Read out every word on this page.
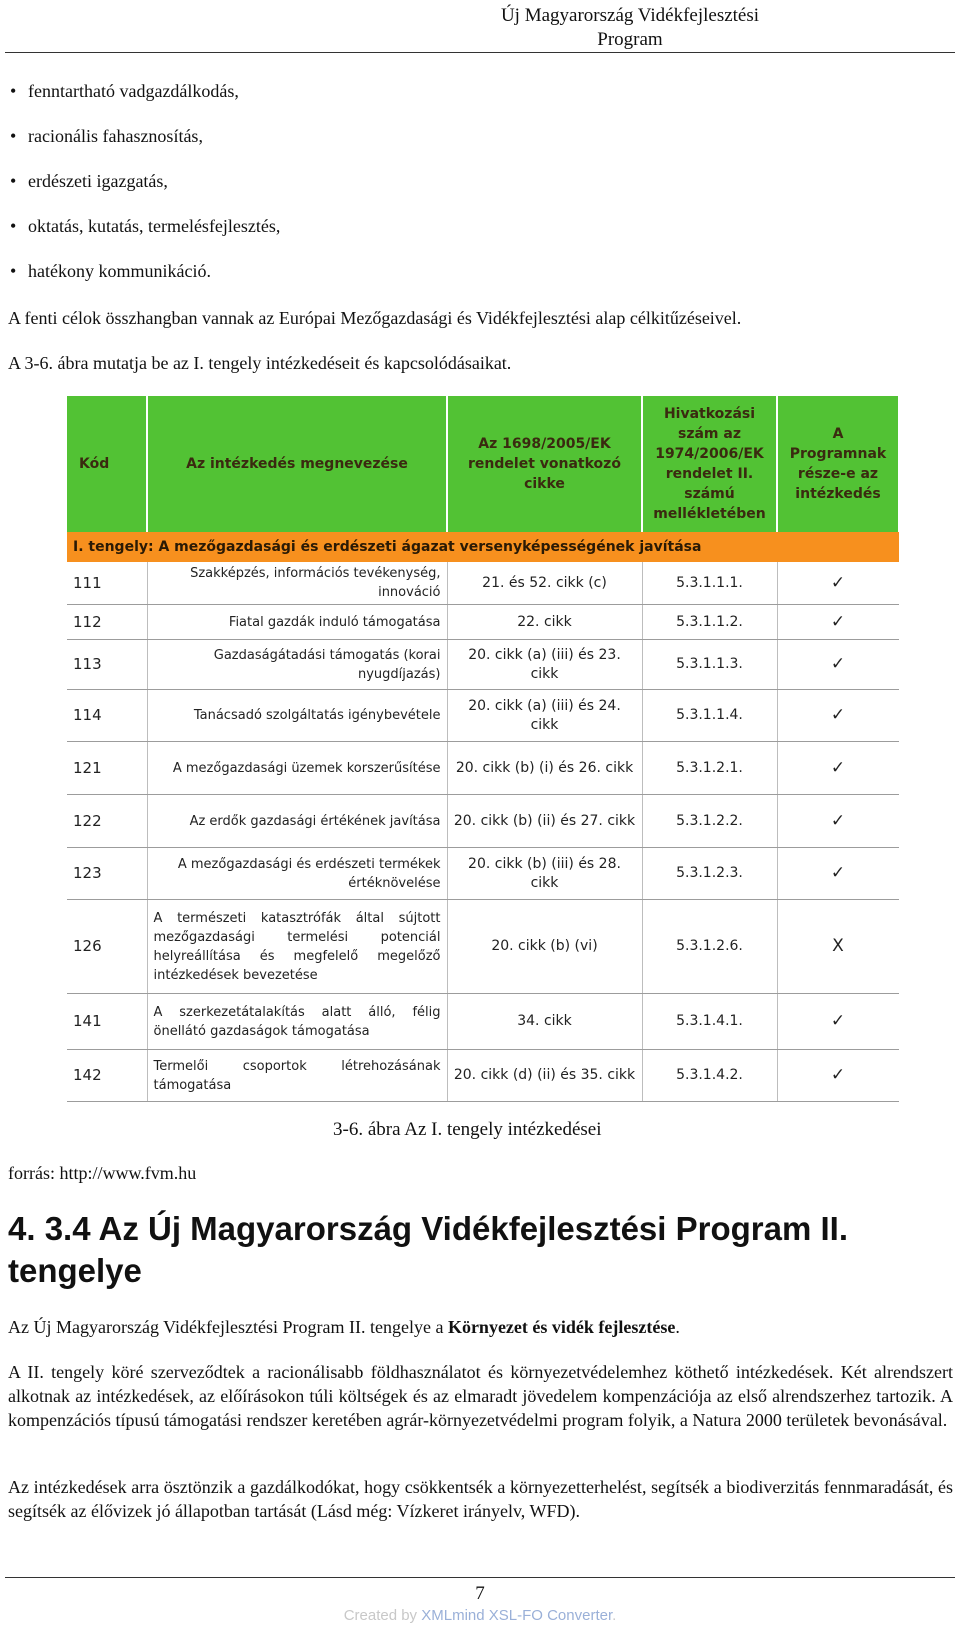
Új Magyarország Vidékfejlesztési
Program
• fenntartható vadgazdálkodás,
• racionális fahasznosítás,
• erdészeti igazgatás,
• oktatás, kutatás, termelésfejlesztés,
• hatékony kommunikáció.

A fenti célok összhangban vannak az Európai Mezőgazdasági és Vidékfejlesztési alap célkitűzéseivel.

A 3-6. ábra mutatja be az I. tengely intézkedéseit és kapcsolódásaikat.

Kód	Az intézkedés megnevezése	Az 1698/2005/EK rendelet vonatkozó cikke	Hivatkozási szám az 1974/2006/EK rendelet II. számú mellékletében	A Programnak része-e az intézkedés
I. tengely: A mezőgazdasági és erdészeti ágazat versenyképességének javítása				
111	Szakképzés, információs tevékenység, innováció	21. és 52. cikk (c)	5.3.1.1.1.	✓
112	Fiatal gazdák induló támogatása	22. cikk	5.3.1.1.2.	✓
113	Gazdaságátadási támogatás (korai nyugdíjazás)	20. cikk (a) (iii) és 23. cikk	5.3.1.1.3.	✓
114	Tanácsadó szolgáltatás igénybevétele	20. cikk (a) (iii) és 24. cikk	5.3.1.1.4.	✓
121	A mezőgazdasági üzemek korszerűsítése	20. cikk (b) (i) és 26. cikk	5.3.1.2.1.	✓
122	Az erdők gazdasági értékének javítása	20. cikk (b) (ii) és 27. cikk	5.3.1.2.2.	✓
123	A mezőgazdasági és erdészeti termékek értéknövelése	20. cikk (b) (iii) és 28. cikk	5.3.1.2.3.	✓
126	A természeti katasztrófák által sújtott mezőgazdasági termelési potenciál helyreállítása és megfelelő megelőző intézkedések bevezetése	20. cikk (b) (vi)	5.3.1.2.6.	X
141	A szerkezetátalakítás alatt álló, félig önellátó gazdaságok támogatása	34. cikk	5.3.1.4.1.	✓
142	Termelői csoportok létrehozásának támogatása	20. cikk (d) (ii) és 35. cikk	5.3.1.4.2.	✓
3-6. ábra Az I. tengely intézkedései
forrás: http://www.fvm.hu
4. 3.4 Az Új Magyarország Vidékfejlesztési Program II. tengelye

Az Új Magyarország Vidékfejlesztési Program II. tengelye a Környezet és vidék fejlesztése.

A II. tengely köré szerveződtek a racionálisabb földhasználatot és környezetvédelemhez köthető intézkedések. Két alrendszert alkotnak az intézkedések, az előírásokon túli költségek és az elmaradt jövedelem kompenzációja az első alrendszerhez tartozik. A kompenzációs típusú támogatási rendszer keretében agrár-környezetvédelmi program folyik, a Natura 2000 területek bevonásával.

Az intézkedések arra ösztönzik a gazdálkodókat, hogy csökkentsék a környezetterhelést, segítsék a biodiverzitás fennmaradását, és segítsék az élővizek jó állapotban tartását (Lásd még: Vízkeret irányelv, WFD).

7
Created by XMLmind XSL-FO Converter.
